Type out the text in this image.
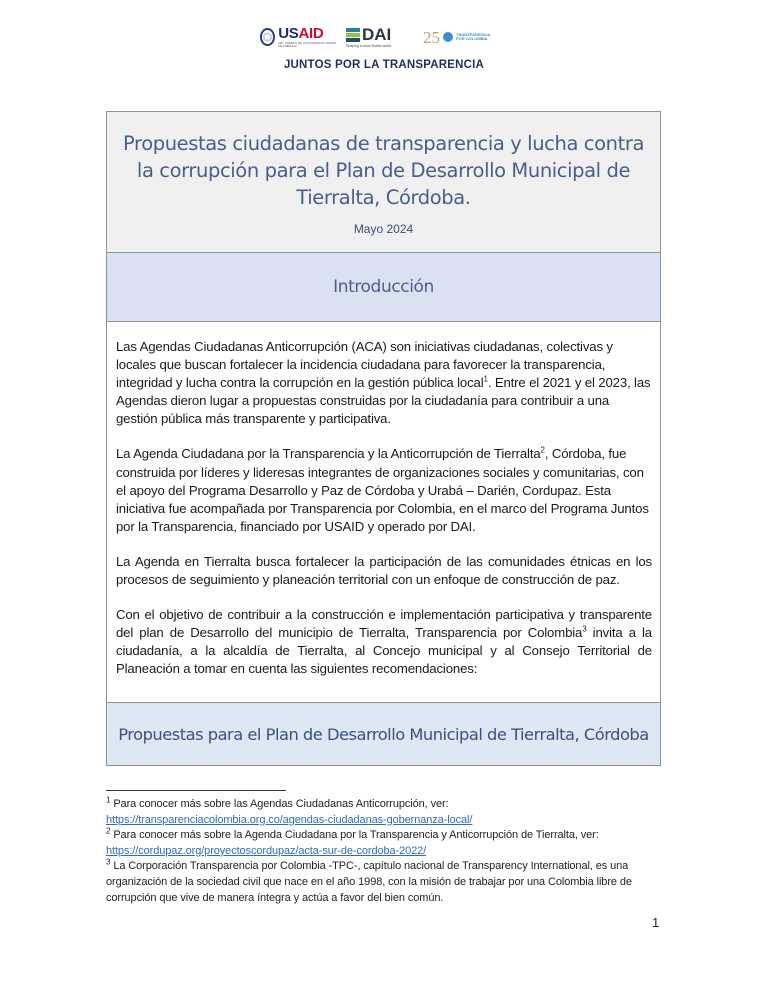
USAID
DEL PUEBLO DE LOS ESTADOS UNIDOS DE AMÉRICA
DAI
Shaping a more livable world. 25	TRANSPARENCIA
POR COLOMBIA
JUNTOS POR LA TRANSPARENCIA
Propuestas ciudadanas de transparencia y lucha contra la corrupción para el Plan de Desarrollo Municipal de Tierralta, Córdoba.
Mayo 2024
Introducción

Las Agendas Ciudadanas Anticorrupción (ACA) son iniciativas ciudadanas, colectivas y locales que buscan fortalecer la incidencia ciudadana para favorecer la transparencia, integridad y lucha contra la corrupción en la gestión pública local$^1$. Entre el 2021 y el 2023, las Agendas dieron lugar a propuestas construidas por la ciudadanía para contribuir a una gestión pública más transparente y participativa.

La Agenda Ciudadana por la Transparencia y la Anticorrupción de Tierralta$^2$, Córdoba, fue construida por líderes y lideresas integrantes de organizaciones sociales y comunitarias, con el apoyo del Programa Desarrollo y Paz de Córdoba y Urabá – Darién, Cordupaz. Esta iniciativa fue acompañada por Transparencia por Colombia, en el marco del Programa Juntos por la Transparencia, financiado por USAID y operado por DAI.

La Agenda en Tierralta busca fortalecer la participación de las comunidades étnicas en los procesos de seguimiento y planeación territorial con un enfoque de construcción de paz.

Con el objetivo de contribuir a la construcción e implementación participativa y transparente del plan de Desarrollo del municipio de Tierralta, Transparencia por Colombia$^3$ invita a la ciudadanía, a la alcaldía de Tierralta, al Concejo municipal y al Consejo Territorial de Planeación a tomar en cuenta las siguientes recomendaciones:

Propuestas para el Plan de Desarrollo Municipal de Tierralta, Córdoba

$^1$ Para conocer más sobre las Agendas Ciudadanas Anticorrupción, ver:
https://transparenciacolombia.org.co/agendas-ciudadanas-gobernanza-local/

$^2$ Para conocer más sobre la Agenda Ciudadana por la Transparencia y Anticorrupción de Tierralta, ver:
https://cordupaz.org/proyectoscordupaz/acta-sur-de-cordoba-2022/

$^3$ La Corporación Transparencia por Colombia -TPC-, capítulo nacional de Transparency International, es una organización de la sociedad civil que nace en el año 1998, con la misión de trabajar por una Colombia libre de corrupción que vive de manera íntegra y actúa a favor del bien común.

1
